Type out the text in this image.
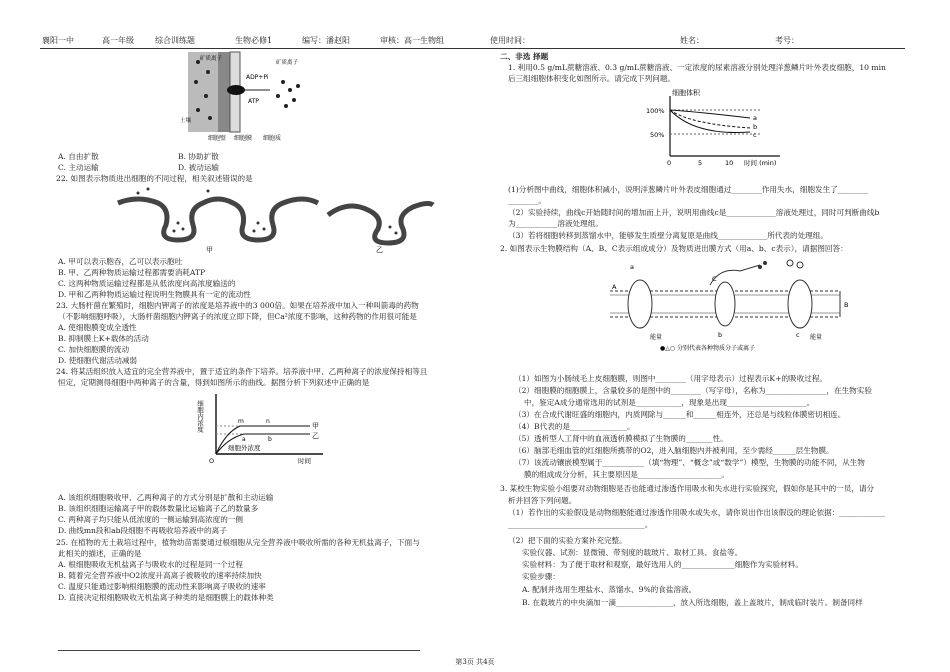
襄阳一中	高一年级	综合训练题	生物必修1	编写：潘赵阳	审核：高一生物组	使用时间：	姓名：	考号：
矿质离子
ADP+Pi
ATP
矿质离子
土壤
细胞壁 细胞膜 细胞质
A. 自由扩散	B. 协助扩散
C. 主动运输	D. 被动运输
22. 如图表示物质进出细胞的不同过程，相关叙述错误的是
甲	乙
A. 甲可以表示胞吞，乙可以表示胞吐
B. 甲、乙两种物质运输过程都需要消耗ATP
C. 这两种物质运输过程都是从低浓度向高浓度输送的
D. 甲和乙两种物质运输过程说明生物膜具有一定的流动性
23. 大肠杆菌在繁殖时，细胞内钾离子的浓度是培养液中的3 000倍。如果在培养液中加入一种叫箭毒的药物
（不影响细胞呼吸），大肠杆菌细胞内钾离子的浓度立即下降，但Ca²浓度不影响，这种药物的作用很可能是
A. 使细胞膜变成全透性
B. 抑制膜上K+载体的活动
C. 加快细胞膜的流动
D. 使细胞代谢活动减弱
24. 将某活组织放入适宜的完全营养液中，置于适宜的条件下培养。培养液中甲、乙两种离子的浓度保持相等且
恒定，定期测得细胞中两种离子的含量，得到如图所示的曲线。据图分析下列叙述中正确的是
细胞内浓度
细胞外浓度
时间
O
甲
乙
m	n
a	b
A. 该组织细胞吸收甲、乙两种离子的方式分别是扩散和主动运输
B. 该组织细胞运输离子甲的载体数量比运输离子乙的数量多
C. 两种离子均只能从低浓度的一侧运输到高浓度的一侧
D. 曲线mn段和ab段细胞不再吸收培养液中的离子
25. 在植物的无土栽培过程中，植物幼苗需要通过根细胞从完全营养液中吸收所需的各种无机盐离子，下面与
此相关的描述，正确的是
A. 根细胞吸收无机盐离子与吸收水的过程是同一个过程
B. 随着完全营养液中O2浓度升高离子被吸收的速率持续加快
C. 温度只能通过影响根细胞膜的流动性来影响离子吸收的速率
D. 直接决定根细胞吸收无机盐离子种类的是细胞膜上的载体种类
二、非选 择题
1. 利用0.5 g/mL蔗糖溶液、0.3 g/mL蔗糖溶液、一定浓度的尿素溶液分别处理洋葱鳞片叶外表皮细胞，10 min
后三组细胞体积变化如图所示。请完成下列问题。
细胞体积
100%
50%
0	5	10 时间 (min)
a
b
c
(1)分析图中曲线，细胞体积减小，说明洋葱鳞片叶外表皮细胞通过________作用失水，细胞发生了________
________。
（2）实验持续，曲线c开始随时间的增加而上升，说明用曲线c是_____________溶液处理过，同时可判断曲线b
为___________溶液处理组。
（3）若将细胞转移到蒸馏水中，能够发生质壁分离复原是曲线_____________所代表的处理组。
2. 如图表示生物膜结构（A、B、C表示组成成分）及物质进出膜方式（用a、b、c表示），请据图回答：
A
C
B
a
b	c
能量	能量
●△○ 分别代表各种物质分子或离子
（1）如图为小肠绒毛上皮细胞膜，则图中________（用字母表示）过程表示K+的吸收过程。
（2）细胞膜的细胞膜上，含量较多的是图中的________（写字母），名称为________________，在生物实验
中，鉴定A成分通常选用的试剂是____________，现象是出现_____________________。
（3）在合成代谢旺盛的细胞内，内质网除与______和______相连外，还总是与线粒体膜密切相连。
（4）B代表的是_______________。
（5）透析型人工肾中的血液透析膜模拟了生物膜的_______性。
（6）脑部毛细血管的红细胞所携带的O2，进入脑细胞内并被利用，至少需经______层生物膜。
（7）该流动镶嵌模型属于___________（填“物理”、“概念”或“数学”）模型，生物膜的功能不同，从生物
膜的组成成分分析，其主要原因是______________________。
3. 某校生物实验小组要对动物细胞是否也能通过渗透作用吸水和失水进行实验探究，假如你是其中的一员，请分
析并回答下列问题。
（1）若作出的实验假设是动物细胞能通过渗透作用吸水或失水，请你说出作出该假设的理论依据：____________
____________________________________。
（2）把下面的实验方案补充完整。
实验仪器、试剂：显微镜、带刻度的载玻片、取材工具、食盐等。
实验材料：为了便于取材和观察，最好选用人的______________细胞作为实验材料。
实验步骤：
A. 配制并选用生理盐水、蒸馏水、9%的食盐溶液。
B. 在载玻片的中央滴加一滴_______________，放入所选细胞，盖上盖玻片，制成临时装片。制备同样
第3页 共4页
